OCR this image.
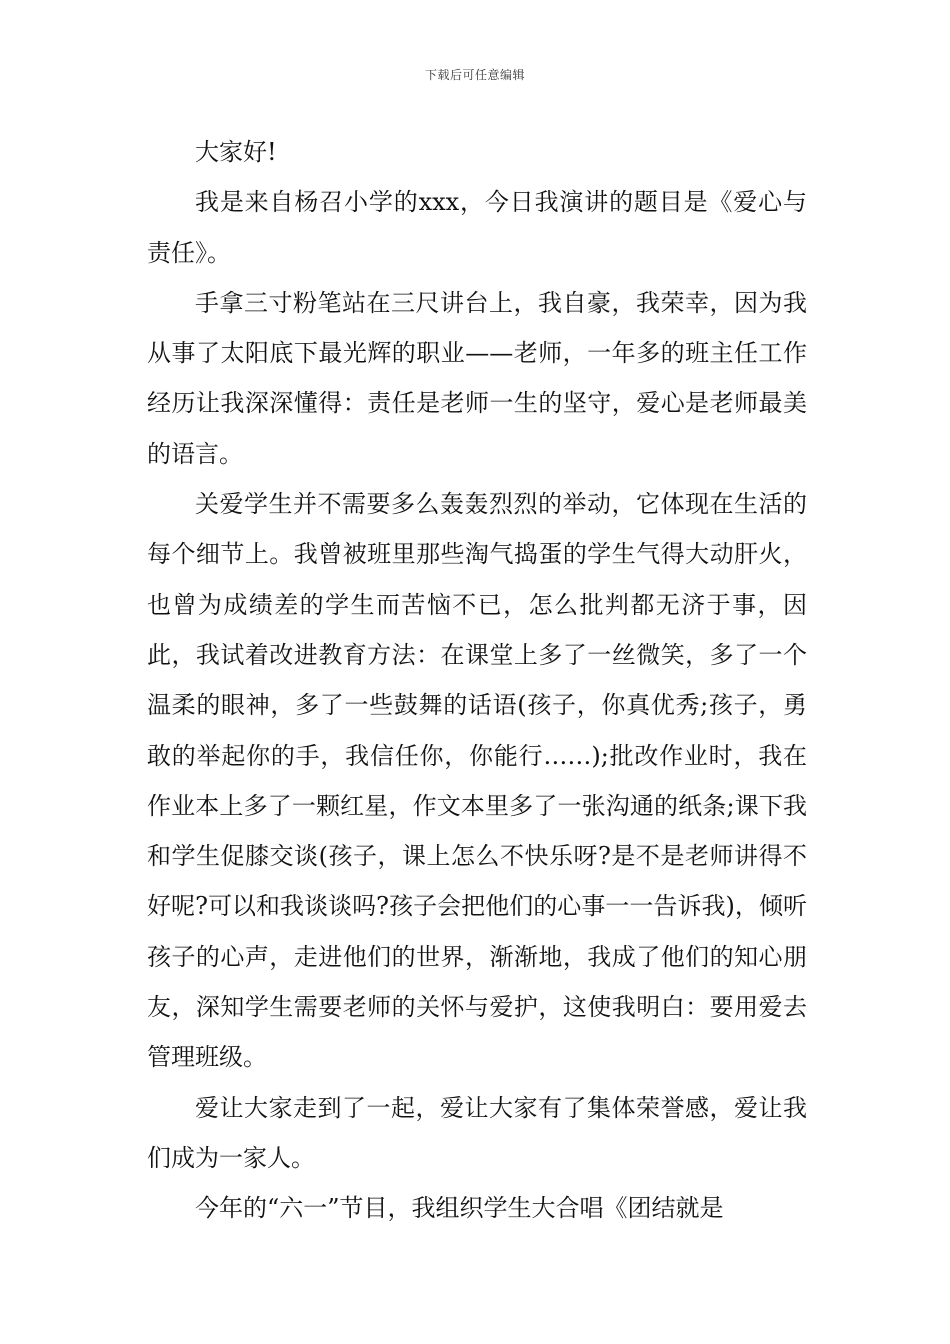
下载后可任意编辑

大家好!

我是来自杨召小学的xxx，今日我演讲的题目是《爱心与责任》。

手拿三寸粉笔站在三尺讲台上，我自豪，我荣幸，因为我从事了太阳底下最光辉的职业——老师，一年多的班主任工作经历让我深深懂得：责任是老师一生的坚守，爱心是老师最美的语言。

关爱学生并不需要多么轰轰烈烈的举动，它体现在生活的每个细节上。我曾被班里那些淘气捣蛋的学生气得大动肝火，也曾为成绩差的学生而苦恼不已，怎么批判都无济于事，因此，我试着改进教育方法：在课堂上多了一丝微笑，多了一个温柔的眼神，多了一些鼓舞的话语(孩子，你真优秀;孩子，勇敢的举起你的手，我信任你，你能行……);批改作业时，我在作业本上多了一颗红星，作文本里多了一张沟通的纸条;课下我和学生促膝交谈(孩子，课上怎么不快乐呀?是不是老师讲得不好呢?可以和我谈谈吗?孩子会把他们的心事一一告诉我)，倾听孩子的心声，走进他们的世界，渐渐地，我成了他们的知心朋友，深知学生需要老师的关怀与爱护，这使我明白：要用爱去管理班级。

爱让大家走到了一起，爱让大家有了集体荣誉感，爱让我们成为一家人。

今年的“六一”节目，我组织学生大合唱《团结就是
